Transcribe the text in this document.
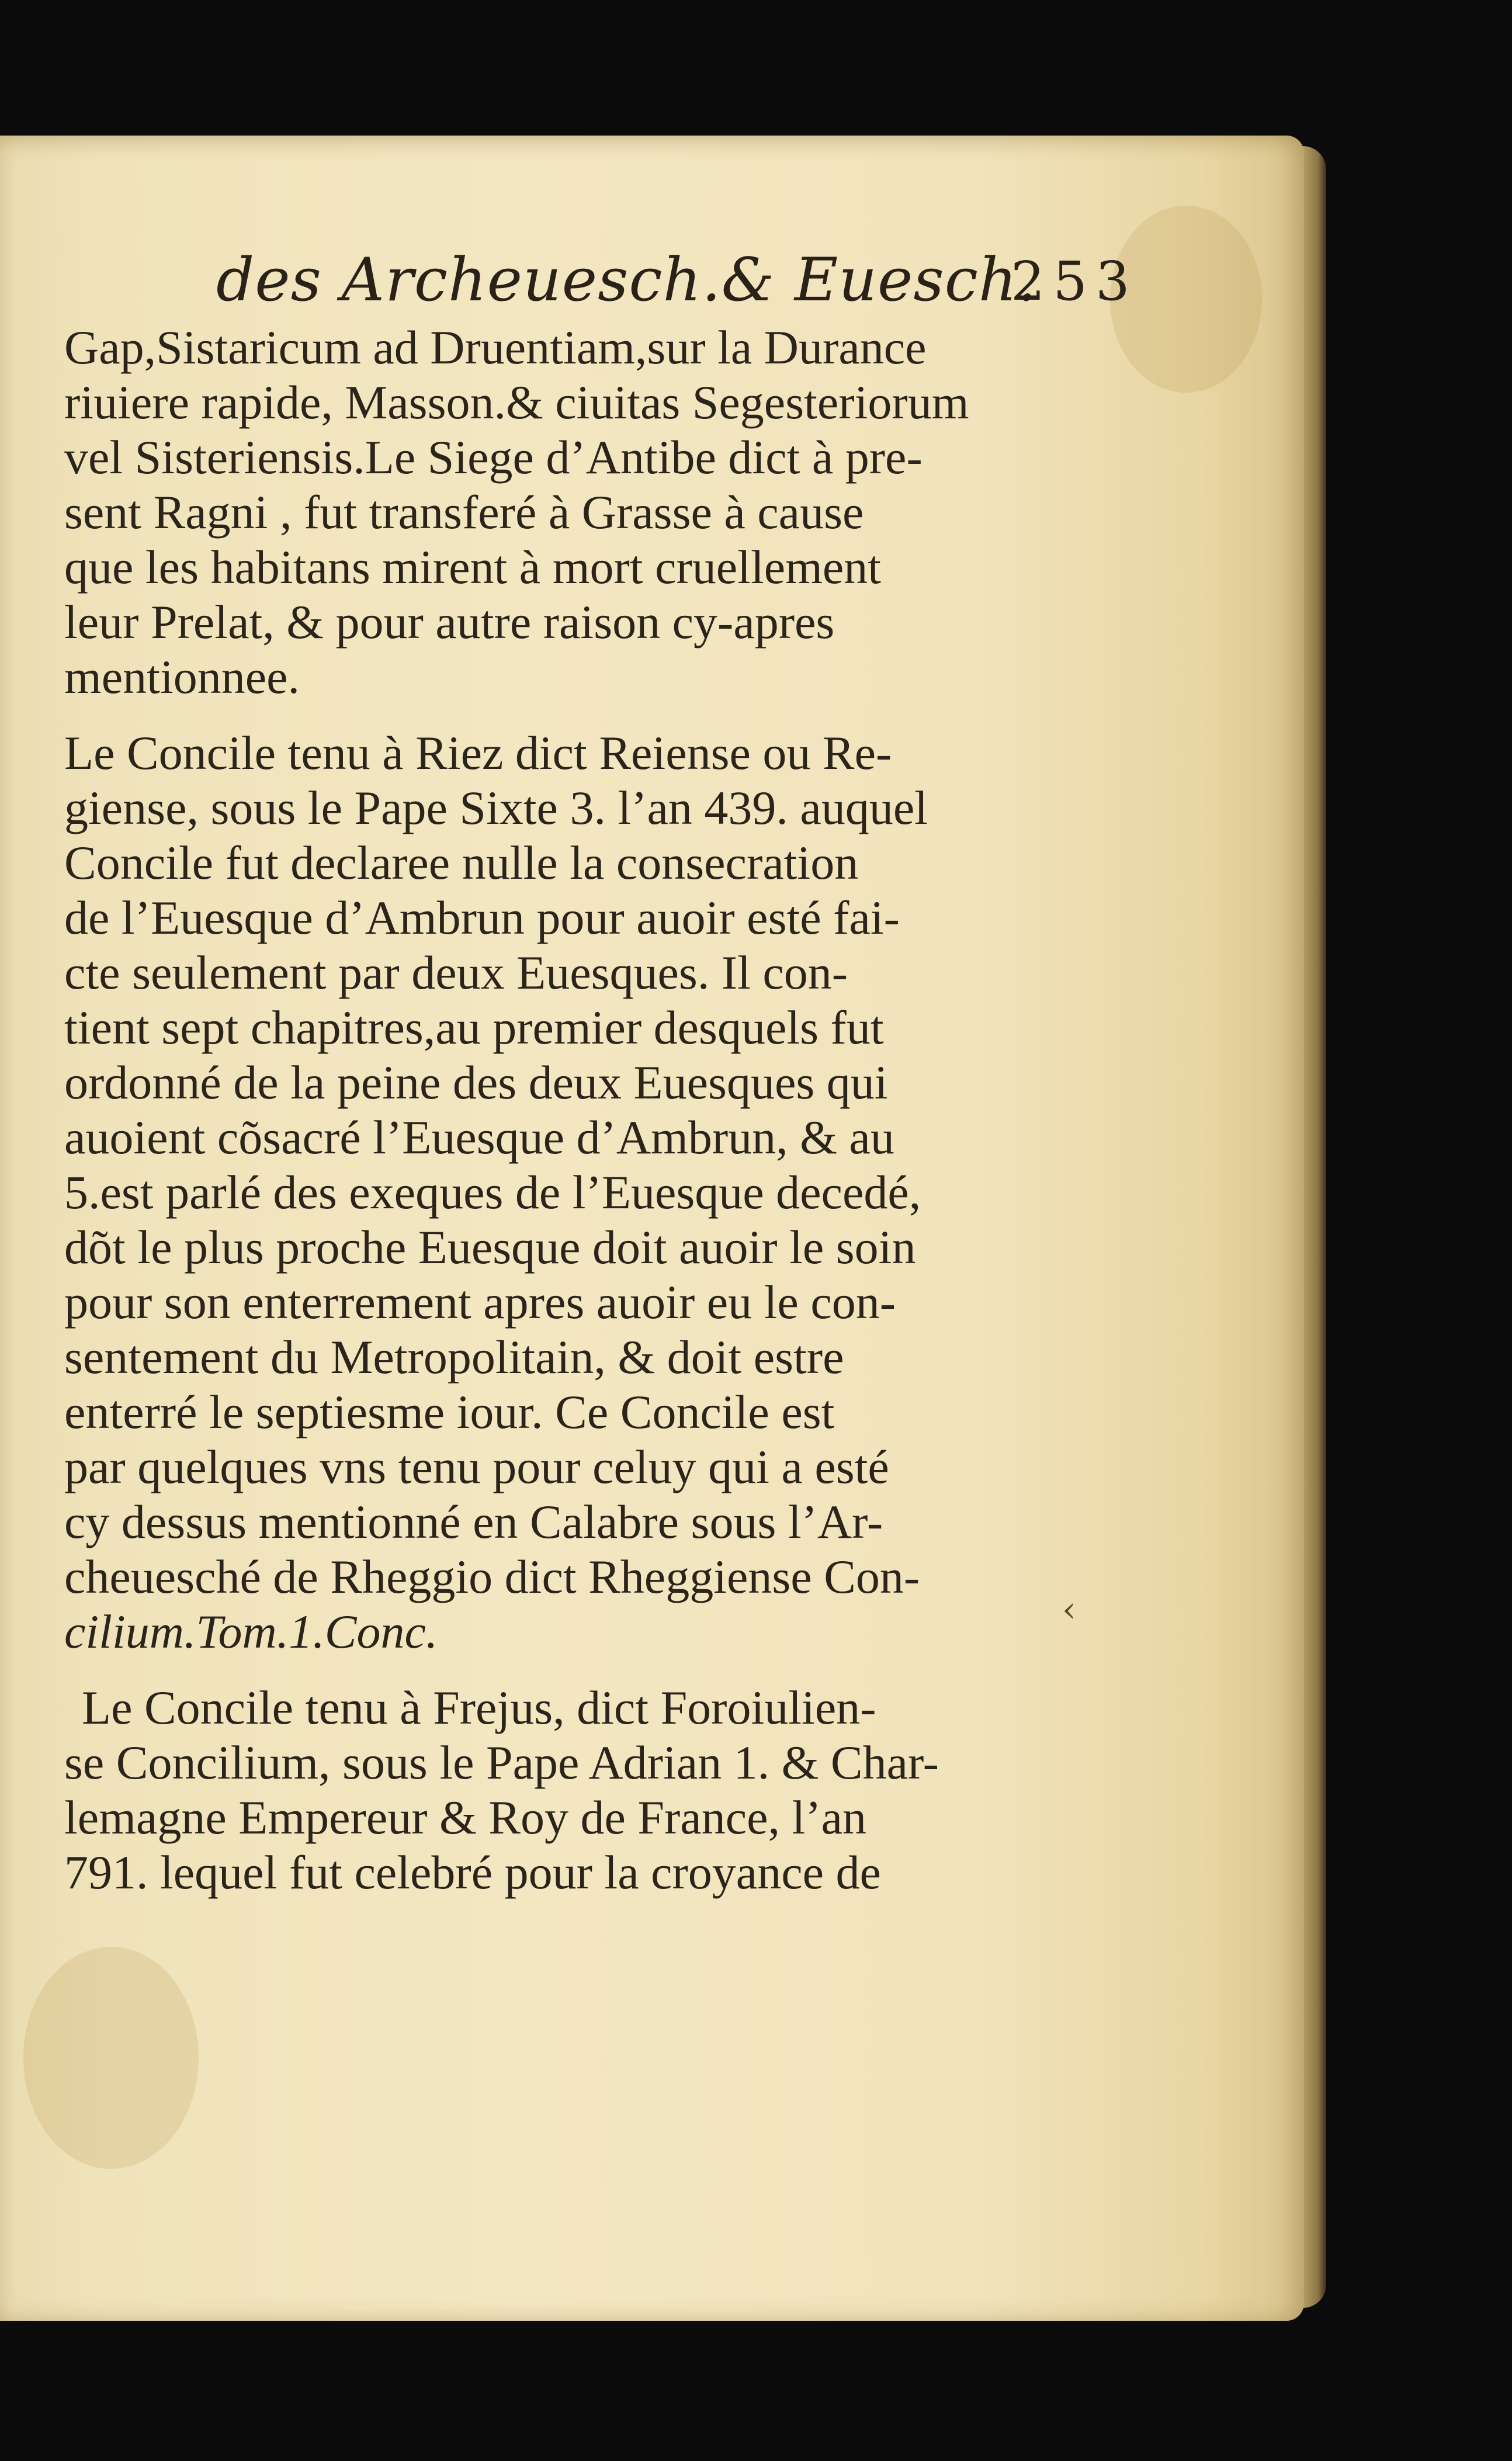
des Archeuesch.& Euesch.
253
Gap,Sistaricum ad Druentiam,sur la Durance
riuiere rapide, Masson.& ciuitas Segesteriorum
vel Sisteriensis.Le Siege d’Antibe dict à pre-
sent Ragni , fut transferé à Grasse à cause
que les habitans mirent à mort cruellement
leur Prelat, & pour autre raison cy-apres
mentionnee.
Le Concile tenu à Riez dict Reiense ou Re-
giense, sous le Pape Sixte 3. l’an 439. auquel
Concile fut declaree nulle la consecration
de l’Euesque d’Ambrun pour auoir esté fai-
cte seulement par deux Euesques. Il con-
tient sept chapitres,au premier desquels fut
ordonné de la peine des deux Euesques qui
auoient cõsacré l’Euesque d’Ambrun, & au
5.est parlé des exeques de l’Euesque decedé,
dõt le plus proche Euesque doit auoir le soin
pour son enterrement apres auoir eu le con-
sentement du Metropolitain, & doit estre
enterré le septiesme iour. Ce Concile est
par quelques vns tenu pour celuy qui a esté
cy dessus mentionné en Calabre sous l’Ar-
cheuesché de Rheggio dict Rheggiense Con-
cilium.Tom.1.Conc.
Le Concile tenu à Frejus, dict Foroiulien-
se Concilium, sous le Pape Adrian 1. & Char-
lemagne Empereur & Roy de France, l’an
791. lequel fut celebré pour la croyance de
‹
